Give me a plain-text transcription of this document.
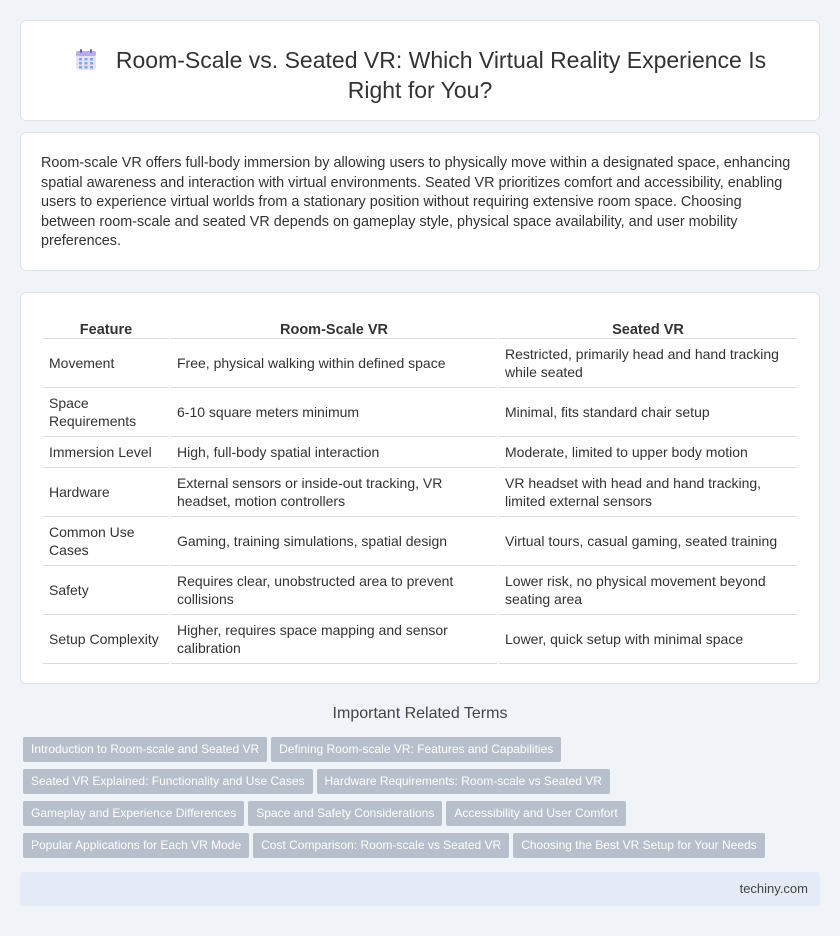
Room-Scale vs. Seated VR: Which Virtual Reality Experience Is Right for You?

Room-scale VR offers full-body immersion by allowing users to physically move within a designated space, enhancing spatial awareness and interaction with virtual environments. Seated VR prioritizes comfort and accessibility, enabling users to experience virtual worlds from a stationary position without requiring extensive room space. Choosing between room-scale and seated VR depends on gameplay style, physical space availability, and user mobility preferences.

Feature	Room-Scale VR	Seated VR
Movement	Free, physical walking within defined space	Restricted, primarily head and hand tracking while seated
Space Requirements	6-10 square meters minimum	Minimal, fits standard chair setup
Immersion Level	High, full-body spatial interaction	Moderate, limited to upper body motion
Hardware	External sensors or inside-out tracking, VR headset, motion controllers	VR headset with head and hand tracking, limited external sensors
Common Use Cases	Gaming, training simulations, spatial design	Virtual tours, casual gaming, seated training
Safety	Requires clear, unobstructed area to prevent collisions	Lower risk, no physical movement beyond seating area
Setup Complexity	Higher, requires space mapping and sensor calibration	Lower, quick setup with minimal space
Important Related Terms
Introduction to Room-scale and Seated VR Defining Room-scale VR: Features and Capabilities
Seated VR Explained: Functionality and Use Cases Hardware Requirements: Room-scale vs Seated VR
Gameplay and Experience Differences Space and Safety Considerations Accessibility and User Comfort
Popular Applications for Each VR Mode Cost Comparison: Room-scale vs Seated VR Choosing the Best VR Setup for Your Needs
techiny.com
